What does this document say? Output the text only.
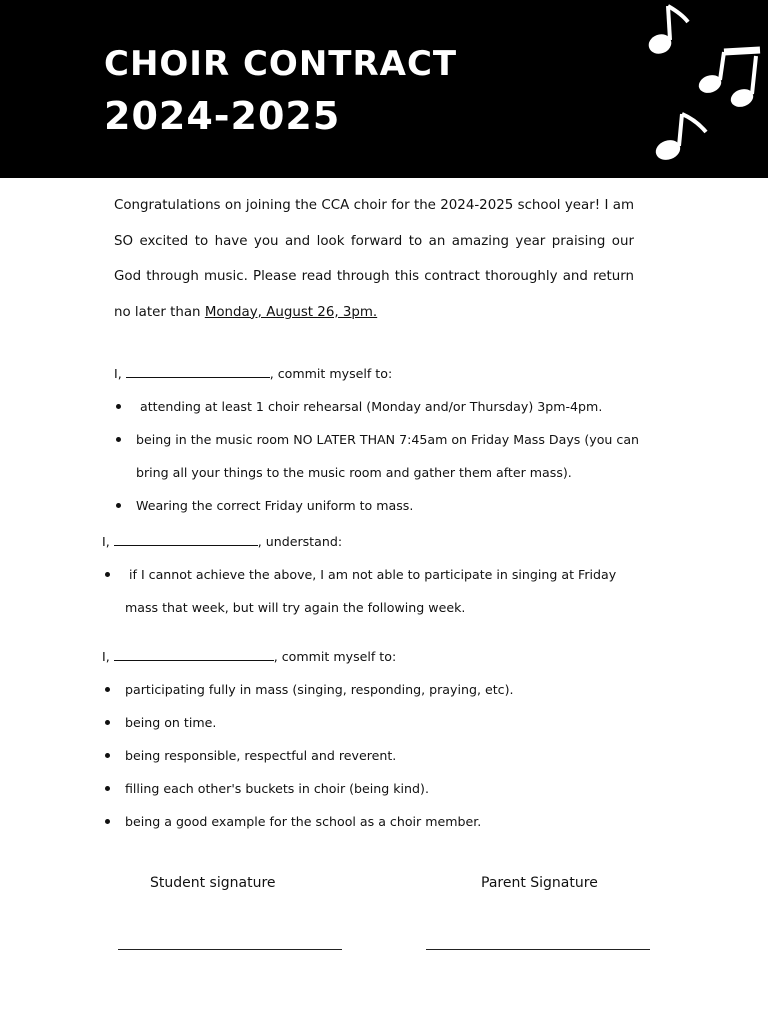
CHOIR CONTRACT
2024-2025

Congratulations on joining the CCA choir for the 2024-2025 school year! I am SO excited to have you and look forward to an amazing year praising our God through music. Please read through this contract thoroughly and return no later than Monday, August 26, 3pm.

I,	, commit myself to:

attending at least 1 choir rehearsal (Monday and/or Thursday) 3pm-4pm.
being in the music room NO LATER THAN 7:45am on Friday Mass Days (you can
bring all your things to the music room and gather them after mass).
Wearing the correct Friday uniform to mass.

I,	, understand:

if I cannot achieve the above, I am not able to participate in singing at Friday
mass that week, but will try again the following week.

I,	, commit myself to:

participating fully in mass (singing, responding, praying, etc).
being on time.
being responsible, respectful and reverent.
filling each other's buckets in choir (being kind).
being a good example for the school as a choir member.

Student signature	Parent Signature
